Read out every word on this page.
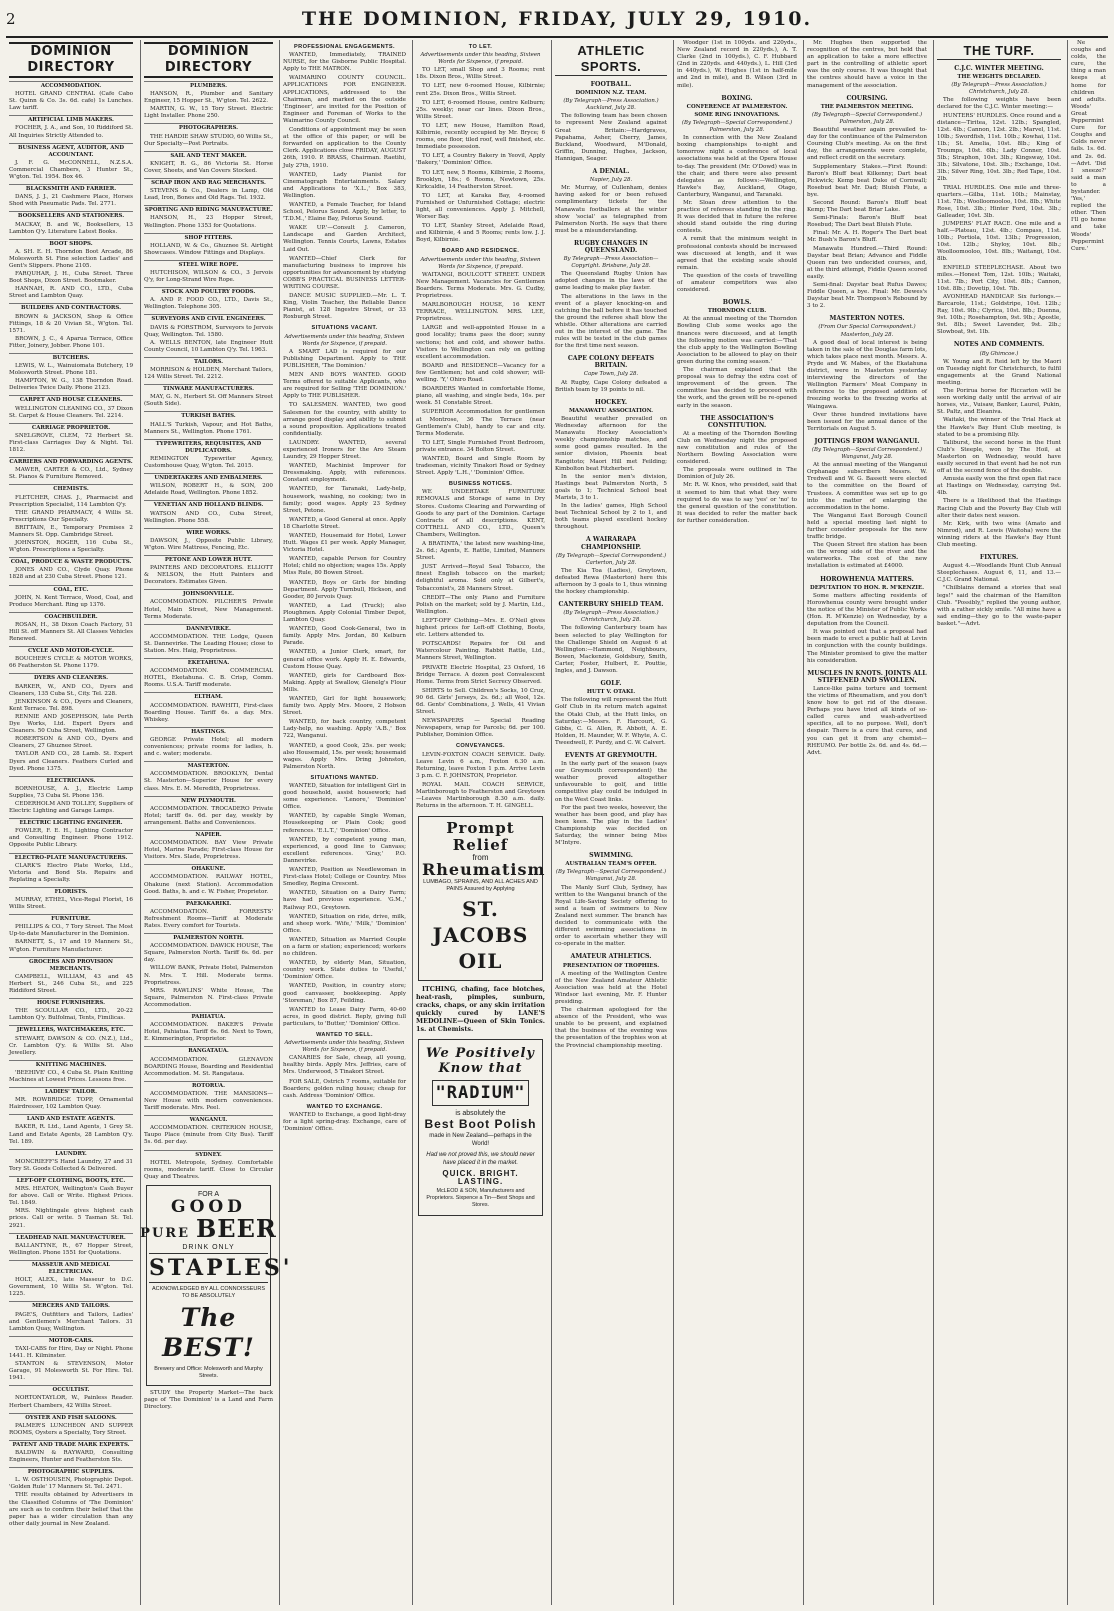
2	THE DOMINION, FRIDAY, JULY 29, 1910.
DOMINION DIRECTORY
ACCOMMODATION.
HOTEL GRAND CENTRAL (Cafe Cabo St. Quinn & Co. 3s. 6d. cafe) 1s Lunches. Law tariff.
ARTIFICIAL LIMB MAKERS.
FOCHER, J. A., and Son, 10 Riddiford St. All Inquiries Strictly Attended to.
BUSINESS AGENT, AUDITOR, AND ACCOUNTANT.
J. F. G. McCONNELL, N.Z.S.A. Commercial Chambers, 3 Hunter St., W'gton. Tel. 1954. Box 46.
BLACKSMITH AND FARRIER.
DANS, J. J., 21 Cashmere Place, Horses Shod with Pneumatic Pads. Tel. 2771.
BOOKSELLERS AND STATIONERS.
MACKAY, B. and W., Booksellers, 13 Lambton Q'y. Literature Latest Books.
BOOT SHOPS.
A. SH. E. H. Thorndon Boot Arcade, 86 Molesworth St. Fine selection Ladies' and Gent's Slippers. Phone 2105.
FARQUHAR, J. H., Cuba Street. Three Boot Shops, Dixon Street. Bootmaker.
HANNAH, R. AND CO., LTD., Cuba Street and Lambton Quay.
BUILDERS AND CONTRACTORS.
BROWN & JACKSON, Shop & Office Fittings, 18 & 20 Vivian St., W'gton. Tel. 1571.
BROWN, J. C., 4 Aparua Terrace, Office Fitter, Joinery, Jobber. Phone 101.
BUTCHERS.
LEWIS, W. L., Wainuiomata Butchery, 19 Molesworth Street. Phone 181.
HAMPTON, W. G., 138 Thorndon Road. Deliveries Twice Daily. Phone 2123.
CARPET AND HOUSE CLEANERS.
WELLINGTON CLEANING CO., 37 Dixon St. Carpet & House Cleaners. Tel. 2214.
CARRIAGE PROPRIETOR.
SNELGROVE, CLEM, 72 Herbert St. First-class Carriages Day & Night. Tel. 1812.
CARRIERS AND FORWARDING AGENTS.
MAWER, CARTER & CO., Ltd., Sydney St. Pianos & Furniture Removed.
CHEMISTS.
FLETCHER, CHAS. J., Pharmacist and Prescription Specialist, 114 Lambton Q'y.
THE GRAND PHARMACY, 4 Willis St. Prescriptions Our Specialty.
BRITTAIN, E., Temporary Premises 2 Manners St. Opp. Cambridge Street.
JOHNSTON, ROGER, 116 Cuba St., W'gton. Prescriptions a Specialty.
COAL, PRODUCE & WASTE PRODUCTS.
JONES AND CO., Clyde Quay. Phone 1828 and at 230 Cuba Street. Phone 121.
COAL, ETC.
JOHN, N. Kent Terrace, Wood, Coal, and Produce Merchant. Ring up 1376.
COACHBUILDER.
ROSAN, H., 38 Dixon Coach Factory, 51 Hill St. off Manners St. All Classes Vehicles Renewed.
CYCLE AND MOTOR-CYCLE.
BOUCHER'S CYCLE & MOTOR WORKS, 66 Featherston St. Phone 1179.
DYERS AND CLEANERS.
BARKER, W., AND CO., Dyers and Cleaners, 135 Cuba St., City. Tel. 228.
JENKINSON & CO., Dyers and Cleaners, Kent Terrace. Tel. 898.
RENNIE AND JOSEPHSON, late Perth Dye Works, Ltd. Expert Dyers and Cleaners. 50 Cuba Street, Wellington.
ROBERTSON & AND CO., Dyers and Cleaners, 27 Ghuznee Street.
TAYLOR AND CO., 28 Lamb. St. Expert Dyers and Cleaners. Feathers Curled and Dyed. Phone 1375.
ELECTRICIANS.
BORNHOUSE, A. J., Electric Lamp Supplies, 73 Cuba St. Phone 156.
CEDERHOLM AND TOLLEY, Suppliers of Electric Lighting and Garage Lamps.
ELECTRIC LIGHTING ENGINEER.
FOWLER, F. E. H., Lighting Contractor and Consulting Engineer. Phone 1912. Opposite Public Library.
ELECTRO-PLATE MANUFACTURERS.
CLARK'S Electro Plate Works, Ltd., Victoria and Bond Sts. Repairs and Replating a Specialty.
FLORISTS.
MURRAY, ETHEL, Vice-Regal Florist, 16 Willis Street.
FURNITURE.
PHILLIPS & CO., 7 Tory Street. The Most Up-to-date Manufacturer in the Dominion.
BARNETT, S., 17 and 19 Manners St., W'gton. Furniture Manufacturer.
GROCERS AND PROVISION MERCHANTS.
CAMPBELL, WILLIAM, 43 and 45 Herbert St., 246 Cuba St., and 225 Riddiford Street.
HOUSE FURNISHERS.
THE SCOULLAR CO., LTD., 20-22 Lambton Q'y. Bulfolmai, Tents, Fimilicas.
JEWELLERS, WATCHMAKERS, ETC.
STEWART, DAWSON & CO. (N.Z.), Ltd., Cr. Lambton Q'y. & Willis St. Also Jewellery.
KNITTING MACHINES.
'BEEHIVE' CO., 4 Cuba St. Plain Knitting Machines at Lowest Prices. Lessons free.
LADIES' TAILOR.
MR. ROWBRIDGE TOPP, Ornamental Hairdresser, 102 Lambton Quay.
LAND AND ESTATE AGENTS.
BAKER, R. Ltd., Land Agents, 1 Grey St. Land and Estate Agents, 28 Lambton Q'y. Tel. 189.
LAUNDRY.
MONCRIEFF'S Hand Laundry, 27 and 31 Tory St. Goods Collected & Delivered.
LEFT-OFF CLOTHING, BOOTS, ETC.
MRS. HEATON, Wellington's Cash Buyer for above. Call or Write. Highest Prices. Tel. 1849.
MRS. Nightingale gives highest cash prices. Call or write. 5 Tasman St. Tel. 2921.
LEADHEAD NAIL MANUFACTURER.
BALLANTYNE, R., 67 Hopper Street, Wellington. Phone 1551 for Quotations.
MASSEUR AND MEDICAL ELECTRICIAN.
HOLT, ALEX., late Masseur to D.C. Government, 10 Willis St. W'gton. Tel. 1225.
MERCERS AND TAILORS.
PAGE'S, Outfitters and Tailors, Ladies' and Gentlemen's Merchant Tailors. 31 Lambton Quay, Wellington.
MOTOR-CARS.
TAXI-CABS for Hire, Day or Night. Phone 1441. H. Kilminster.
STANTON & STEVENSON, Motor Garage, 91 Molesworth St. For Hire. Tel. 1941.
OCCULTIST.
NORTONTAYLOR, W., Painless Reader. Herbert Chambers, 42 Willis Street.
OYSTER AND FISH SALOONS.
PALMER'S LUNCHEON AND SUPPER ROOMS, Oysters a Specialty, Tory Street.
PATENT AND TRADE MARK EXPERTS.
BALDWIN & RAYWARD, Consulting Engineers, Hunter and Featherston Sts.
PHOTOGRAPHIC SUPPLIES.
L. W. OSTHOUSEN, Photographic Depot. 'Golden Rule' 17 Manners St. Tel. 2471.
THE results obtained by Advertisers in the Classified Columns of 'The Dominion' are such as to confirm their belief that the paper has a wider circulation than any other daily journal in New Zealand.
DOMINION DIRECTORY
PLUMBERS.
HANSON, R., Plumber and Sanitary Engineer, 15 Hopper St., W'gton. Tel. 2622.
MARTIN, G. W., 15 Tory Street. Electric Light Installer. Phone 250.
PHOTOGRAPHERS.
THE HARDIE SHAW STUDIO, 60 Willis St., Our Specialty—Post Portraits.
SAIL AND TENT MAKER.
KNIGHT, R. G., 86 Victoria St. Horse Cover, Sheets, and Van Covers Stocked.
SCRAP IRON AND RAG MERCHANTS.
STEVENS & Co., Dealers in Lamp, Old Lead, Iron, Bones and Old Rags. Tel. 1932.
SPORTING AND RIDING MANUFACTURE.
HANSON, H., 23 Hopper Street, Wellington. Phone 1353 for Quotations.
SHOP FITTERS.
HOLLAND, W. & Co., Ghuznee St. Airtight Showcases. Window Fittings and Displays.
STEEL WIRE ROPE.
HUTCHISON, WILSON & CO., 3 Jervois Q'y, for Long-Strand Wire Rope.
STOCK AND POULTRY FOODS.
A. AND P. FOOD CO., LTD., Davis St., Wellington. Telephone 305.
SURVEYORS AND CIVIL ENGINEERS.
DAVIS & FORSTROM, Surveyors to Jervois Quay, Wellington. Tel. 1580.
A. WELLS BENTON, late Engineer Hutt County Council, 10 Lambton Q'y. Tel. 1963.
TAILORS.
MORRISON & HOLDEN, Merchant Tailors, 124 Willis Street. Tel. 2212.
TINWARE MANUFACTURERS.
MAY, G. N., Herbert St. Off Manners Street (South Side).
TURKISH BATHS.
HALL'S Turkish, Vapour, and Hot Baths, Manners St., Wellington. Phone 1761.
TYPEWRITERS, REQUISITES, AND DUPLICATORS.
REMINGTON Typewriter Agency, Customhouse Quay, W'gton. Tel. 2015.
UNDERTAKERS AND EMBALMERS.
WILSON, ROBERT H., & SON, 200 Adelaide Road, Wellington. Phone 1852.
VENETIAN AND HOLLAND BLINDS.
WATSON AND CO., Cuba Street, Wellington. Phone 558.
WIRE WORKS.
DAWSON, J., Opposite Public Library, W'gton. Wire Mattress, Fencing, Etc.
PETONE AND LOWER HUTT.
PAINTERS AND DECORATORS. ELLIOTT & NELSON, the Hutt Painters and Decorators. Estimates Given.
JOHNSONVILLE.
ACCOMMODATION. PILCHER'S Private Hotel, Main Street, New Management. Terms Moderate.
DANNEVIRKE.
ACCOMMODATION. THE Lodge, Queen St. Dannevirke. The Leading House; close to Station. Mrs. Haig, Proprietress.
EKETAHUNA.
ACCOMMODATION. COMMERCIAL HOTEL, Eketahuna. C. B. Crisp, Comm. Rooms. U.S.A. Tariff moderate.
ELTHAM.
ACCOMMODATION. RAWHITI, First-class Boarding House. Tariff 6s. a day. Mrs. Whiskey.
HASTINGS.
GEORGE Private Hotel; all modern conveniences; private rooms for ladies, h. and c. water; moderate.
MASTERTON.
ACCOMMODATION. BROOKLYN, Dental St. Masterton—Superior House for every class. Mrs. E. M. Meredith, Proprietress.
NEW PLYMOUTH.
ACCOMMODATION. TROCADERO Private Hotel; tariff 6s. 6d. per day, weekly by arrangement. Baths and Conveniences.
NAPIER.
ACCOMMODATION. BAY View Private Hotel, Marine Parade; First-class House for Visitors. Mrs. Slade, Proprietress.
OHAKUNE.
ACCOMMODATION. RAILWAY HOTEL, Ohakune (next Station). Accommodation Good. Baths, h. and c. W. Fisher, Proprietor.
PAEKAKARIKI.
ACCOMMODATION. FORRESTS' Refreshment Rooms—Tariff at Moderate Rates. Every comfort for Tourists.
PALMERSTON NORTH.
ACCOMMODATION. DAWICK HOUSE, The Square, Palmerston North. Tariff 6s. 6d. per day.
WILLOW BANK, Private Hotel, Palmerston N. Mrs. T. Hill. Moderate terms. Proprietress.
MRS. RAWLINS' White House, The Square, Palmerston N. First-class Private Accommodation.
PAHIATUA.
ACCOMMODATION. BAKER'S Private Hotel, Pahiatua. Tariff 6s. 6d. Next to Town, E. Kimmerington, Proprietor.
RANGATAUA.
ACCOMMODATION. GLENAVON BOARDING House, Boarding and Residential Accommodation. M. St. Rangataua.
ROTORUA.
ACCOMMODATION. THE MANSIONS—New House with modern conveniences. Tariff moderate. Mrs. Peel.
WANGANUI.
ACCOMMODATION. CRITERION HOUSE, Taupo Place (minute from City Bus). Tariff 5s. 6d. per day.
SYDNEY.
HOTEL Metropole, Sydney. Comfortable rooms, moderate tariff. Close to Circular Quay and Theatres.
FOR A
GOOD
PURE BEER
DRINK ONLY
STAPLES'
ACKNOWLEDGED BY ALL CONNOISSEURS TO BE ABSOLUTELY
The BEST!
Brewery and Office: Molesworth and Murphy Streets.
STUDY the Property Market—The back page of 'The Dominion' is a Land and Farm Directory.
PROFESSIONAL ENGAGEMENTS.
WANTED, Immediately, TRAINED NURSE, for the Gisborne Public Hospital. Apply to THE MATRON.
WAIMARINO COUNTY COUNCIL. APPLICATIONS FOR ENGINEER. APPLICATIONS, addressed to the Chairman, and marked on the outside 'Engineer', are invited for the Position of Engineer and Foreman of Works to the Waimarino County Council.
Conditions of appointment may be seen at the office of this paper, or will be forwarded on application to the County Clerk. Applications close FRIDAY, AUGUST 26th, 1910. P. BRASS, Chairman. Raetihi, July 27th, 1910.
WANTED, Lady Pianist for Cinematograph Entertainments. Salary and Applications to 'X.L.,' Box 383, Wellington.
WANTED, a Female Teacher, for Island School, Pelorus Sound. Apply, by letter, to 'T.D.M.,' Elaine Bay, Pelorus Sound.
WAKE UP.'—Consult J. Cameron, Landscape and Garden Architect, Wellington. Tennis Courts, Lawns, Estates Laid Out.
WANTED—Chief Clerk for manufacturing business to improve his opportunities for advancement by studying COBB'S PRACTICAL BUSINESS LETTER-WRITING COURSE.
DANCE MUSIC SUPPLIED.—Mr. L. T. King, Violin Teacher, the Reliable Dance Pianist, at 128 Ingestre Street, or 33 Roxburgh Street.
SITUATIONS VACANT.
Advertisements under this heading, Sixteen Words for Sixpence, if prepaid.
A SMART LAD is required for our Publishing Department. Apply to THE PUBLISHER, 'The Dominion.'
MEN AND BOYS WANTED. GOOD Terms offered to suitable Applicants, who are required for Selling 'THE DOMINION.' Apply to THE PUBLISHER.
TO SALESMEN. WANTED, two good Salesmen for the country, with ability to arrange good display and ability to submit a sound proposition. Applications treated confidentially.
LAUNDRY. WANTED, several experienced Ironers for the Aro Steam Laundry, 29 Hopper Street.
WANTED, Machinist Improver for Dressmaking. Apply, with references. Constant employment.
WANTED, for Taranaki, Lady-help, housework, washing, no cooking; two in family; good wages. Apply 23 Sydney Street, Petone.
WANTED, a Good General at once. Apply 18 Charlotte Street.
WANTED, Housemaid for Hotel, Lower Hutt. Wages £1 per week. Apply Manager, Victoria Hotel.
WANTED, capable Person for Country Hotel; child no objection; wages 15s. Apply Miss Rule, 80 Bowen Street.
WANTED, Boys or Girls for binding Department. Apply Turnbull, Hickson, and Gooder, 80 Jervois Quay.
WANTED, a Lad (Truck); also Ploughmen. Apply Colonial Timber Depot, Lambton Quay.
WANTED, Good Cook-General, two in family. Apply Mrs. Jordan, 80 Kelburn Parade.
WANTED, a Junior Clerk, smart, for general office work. Apply H. E. Edwards, Custom House Quay.
WANTED, girls for Cardboard Box-Making. Apply at Swallow, Glenelg's Flour Mills.
WANTED, Girl for light housework; family two. Apply Mrs. Moore, 2 Hobson Street.
WANTED, for back country, competent Lady-help, no washing. Apply 'A.B.,' Box 722, Wanganui.
WANTED, a good Cook, 25s. per week; also Housemaid, 15s. per week; housemaid wages. Apply Mrs. Dring Johnston, Palmerston North.
SITUATIONS WANTED.
WANTED, Situation for intelligent Girl in good household, assist housework; had some experience. 'Lenore,' 'Dominion' Office.
WANTED, by capable Single Woman, Housekeeping or Plain Cook; good references. 'E.L.T.,' 'Dominion' Office.
WANTED, by competent young man, experienced, a good line to Canvass; excellent references. 'Gray,' P.O. Dannevirke.
WANTED, Position as Needlewoman in First-class Hotel; College or Country. Miss Smedley, Regina Crescent.
WANTED, Situation on a Dairy Farm; have had previous experience. 'G.M.,' Railway P.O., Greytown.
WANTED, Situation on ride, drive, milk, and sheep work. 'Wife,' 'Milk,' 'Dominion' Office.
WANTED, Situation as Married Couple on a farm or station; experienced; workers no children.
WANTED, by elderly Man, Situation, country work. State duties to 'Useful,' 'Dominion' Office.
WANTED, Position, in country store; good canvasser, bookkeeping. Apply 'Storeman,' Box 87, Feilding.
WANTED to Lease Dairy Farm, 40-60 acres, in good district. Reply, giving full particulars, to 'Butter,' 'Dominion' Office.
WANTED TO SELL.
Advertisements under this heading, Sixteen Words for Sixpence, if prepaid.
CANARIES for Sale, cheap, all young, healthy birds. Apply Mrs. Jeffries, care of Mrs. Underwood, 5 Tinakori Street.
FOR SALE, Ostrich 7 rooms, suitable for Boarders; golden ruling house; cheap for cash. Address 'Dominion' Office.
WANTED TO EXCHANGE.
WANTED to Exchange, a good light-dray for a light spring-dray. Exchange, care of 'Dominion' Office.
TO LET.
Advertisements under this heading, Sixteen Words for Sixpence, if prepaid.
TO LET, small Shop and 3 Rooms; rent 18s. Dixon Bros., Willis Street.
TO LET, new 6-roomed House, Kilbirnie; rent 25s. Dixon Bros., Willis Street.
TO LET, 6-roomed House, centre Kelburn; 25s. weekly; near car lines. Dixon Bros., Willis Street.
TO LET, new House, Hamilton Road, Kilbirnie, recently occupied by Mr. Bryce; 6 rooms, one floor, tiled roof, well finished, etc. Immediate possession.
TO LET, a Country Bakery in Yeovil, Apply 'Bakery,' 'Dominion' Office.
TO LET, new, 5 Rooms, Kilbirnie, 2 Rooms, Brooklyn, 18s.; 6 Rooms, Newtown, 25s. Kirkcaldie, 14 Featherston Street.
TO LET, at Karaka Bay, 4-roomed Furnished or Unfurnished Cottage; electric light, all conveniences. Apply J. Mitchell, Worser Bay.
TO LET, Stanley Street, Adelaide Road, and Kilbirnie, 4 and 5 Rooms; rents low. J. J. Boyd, Kilbirnie.
BOARD AND RESIDENCE.
Advertisements under this heading, Sixteen Words for Sixpence, if prepaid.
WAITANGI, BOULCOTT STREET. UNDER New Management. Vacancies for Gentlemen Boarders. Terms Moderate. Mrs. G. Cudby, Proprietress.
MARLBOROUGH HOUSE, 16 KENT TERRACE, WELLINGTON. MRS. LEE, Proprietress.
LARGE and well-appointed House in a good locality; trams pass the door; sunny sections; hot and cold, and shower baths. Visitors to Wellington can rely on getting excellent accommodation.
BOARD and RESIDENCE—Vacancy for a few Gentlemen; hot and cold shower; will-welling. 'Y,' Ohiro Road.
BOARDERS Wanted in comfortable Home, piano, all washing, and single beds, 16s. per week. 51 Constable Street.
SUPERIOR Accommodation for gentlemen at Montrose, 36 The Terrace (near Gentlemen's Club), handy to car and city. Terms Moderate.
TO LET, Single Furnished Front Bedroom, private entrance. 34 Bolton Street.
WANTED, Board and Single Room by tradesman, vicinity Tinakori Road or Sydney Street. Apply 'L.H.,' 'Dominion' Office.
BUSINESS NOTICES.
WE UNDERTAKE FURNITURE REMOVALS and Storage of same in Dry Stores. Customs Clearing and Forwarding of Goods to any part of the Dominion. Cartage Contracts of all descriptions. KENT, COTTRELL AND CO., LTD., Queen's Chambers, Wellington.
A BRATINTA,' the latest new washing-line, 2s. 6d.; Agents, E. Rattle, Limited, Manners Street.
JUST Arrived—Royal Seal Tobacco, the finest English tobacco on the market; delightful aroma. Sold only at Gilbert's, Tobacconist's, 28 Manners Street.
CREDIT—The only Piano and Furniture Polish on the market; sold by J. Martin, Ltd., Wellington.
LEFT-OFF Clothing—Mrs. E. O'Neil gives highest prices for Left-off Clothing, Boots, etc. Letters attended to.
POTSCARDS! Repairs for Oil and Watercolour Painting. Rabbit Rattle, Ltd., Manners Street, Wellington.
PRIVATE Electric Hospital, 23 Oxford, 16 Bridge Terrace. A dozen post Convalescent Home. Terms from Strict Secrecy Observed.
SHIRTS to Sell. Children's Socks, 10 Cruz, 90 6d. Girls' Jerseys, 2s. 6d.; all Wool, 12s. 6d. Gents' Combinations, J. Wells, 41 Vivian Street.
NEWSPAPERS — Special Reading Newspapers, wrap for Parcels; 6d. per 100. Publisher, Dominion Office.
CONVEYANCES.
LEVIN-FOXTON COACH SERVICE. Daily. Leave Levin 6 a.m., Foxton 6.30 a.m. Returning, leave Foxton 1 p.m. Arrive Levin 3 p.m. C. F. JOHNSTON, Proprietor.
ROYAL MAIL COACH SERVICE, Martinborough to Featherston and Greytown—Leaves Martinborough 8.30 a.m. daily. Returns in the afternoon. T. H. GINGELL.
Prompt Relief
from
Rheumatism
LUMBAGO, SPRAINS, AND ALL ACHES AND PAINS Assured by Applying
ST. JACOBS OIL
ITCHING, chafing, face blotches, heat-rash, pimples, sunburn, cracks, chaps, or any skin irritation quickly cured by LANE'S MEDOLINE—Queen of Skin Tonics. 1s. at Chemists.
We Positively Know that
"RADIUM"
is absolutely the
Best Boot Polish
made in New Zealand—perhaps in the World!
Had we not proved this, we should never have placed it in the market.
QUICK. BRIGHT. LASTING.
McLEOD & SON, Manufacturers and Proprietors. Sixpence a Tin—Best Shops and Stores.
ATHLETIC SPORTS.
FOOTBALL.
DOMINION N.Z. TEAM.
(By Telegraph—Press Association.) Auckland, July 28.
The following team has been chosen to represent New Zealand against Great Britain:—Hardgraves, Papahama, Asher, Cherry, James, Buckland, Woodward, M'Donald, Griffin, Dunning, Hughes, Jackson, Hannigan, Seager.
A DENIAL.
Napier, July 28.
Mr. Murray, of Cullenham, denies having asked for or been refused complimentary tickets for the Manawatu footballers at the winter show 'social' as telegraphed from Palmerston North. He says that there must be a misunderstanding.
RUGBY CHANGES IN QUEENSLAND.
By Telegraph—Press Association—Copyright. Brisbane, July 28.
The Queensland Rugby Union has adopted changes in the laws of the game leading to make play faster.
The alterations in the laws in the event of a player knocking-on and catching the ball before it has touched the ground the referee shall blow the whistle. Other alterations are carried out in the interest of the game. The rules will be tested in the club games for the first time next season.
CAPE COLONY DEFEATS BRITAIN.
Cape Town, July 28.
At Rugby, Cape Colony defeated a British team by 19 points to nil.
HOCKEY.
MANAWATU ASSOCIATION.
Beautiful weather prevailed on Wednesday afternoon for the Manawatu Hockey Association's weekly championship matches, and some good games resulted. In the senior division, Phoenix beat Rangitoto; Maori Hill met Feilding; Kimbolton beat Fitzherbert.
In the senior men's division, Hastings beat Palmerston North, 5 goals to 1; Technical School beat Marists, 3 to 1.
In the ladies' games, High School beat Technical School by 2 to 1, and both teams played excellent hockey throughout.
A WAIRARAPA CHAMPIONSHIP.
(By Telegraph—Special Correspondent.) Carterton, July 28.
The Kia Toa (Ladies), Greytown, defeated Rewa (Masterton) here this afternoon by 3 goals to 1, thus winning the hockey championship.
CANTERBURY SHIELD TEAM.
(By Telegraph—Press Association.) Christchurch, July 28.
The following Canterbury team has been selected to play Wellington for the Challenge Shield on August 6 at Wellington:—Hammond, Neighbours, Bowen, Mackenzie, Goldsbury, Smith, Carter, Foster, Hulbert, E. Pouttie, Ingles, and J. Dawson.
GOLF.
HUTT V. OTAKI.
The following will represent the Hutt Golf Club in its return match against the Otaki Club, at the Hutt links, on Saturday:—Messrs. F. Harcourt, G. Gibbs, C. G. Allen, R. Abbott, A. E. Holden, H. Maunder, W. F. Whyte, A. C. Tweedwell, F. Purdy, and C. W. Calvert.
EVENTS AT GREYMOUTH.
In the early part of the season (says our Greymouth correspondent) the weather proved altogether unfavourable to golf, and little competitive play could be indulged in on the West Coast links.
For the past two weeks, however, the weather has been good, and play has been keen. The play in the Ladies' Championship was decided on Saturday, the winner being Miss M'Intyre.
SWIMMING.
AUSTRALIAN TEAM'S OFFER.
(By Telegraph—Special Correspondent.) Wanganui, July 28.
The Manly Surf Club, Sydney, has written to the Wanganui branch of the Royal Life-Saving Society offering to send a team of swimmers to New Zealand next summer. The branch has decided to communicate with the different swimming associations in order to ascertain whether they will co-operate in the matter.
AMATEUR ATHLETICS.
PRESENTATION OF TROPHIES.
A meeting of the Wellington Centre of the New Zealand Amateur Athletic Association was held at the Hotel Windsor last evening, Mr. F. Hunter presiding.
The chairman apologised for the absence of the President, who was unable to be present, and explained that the business of the evening was the presentation of the trophies won at the Provincial championship meeting.
Woodger (1st in 100yds. and 220yds., New Zealand record in 220yds.), A. T. Clarke (2nd in 100yds.), C. F. Hubbard (2nd in 220yds. and 440yds.), L. Hill (3rd in 440yds.), W. Hughes (1st in half-mile and 2nd in mile), and B. Wilson (3rd in mile).
BOXING.
CONFERENCE AT PALMERSTON.
SOME RING INNOVATIONS.
(By Telegraph—Special Correspondent.) Palmerston, July 28.
In connection with the New Zealand boxing championships to-night and tomorrow night a conference of local associations was held at the Opera House to-day. The president (Mr. O'Dowd) was in the chair, and there were also present delegates as follows:—Wellington, Hawke's Bay, Auckland, Otago, Canterbury, Wanganui, and Taranaki.
Mr. Sloan drew attention to the practice of referees standing in the ring. It was decided that in future the referee should stand outside the ring during contests.
A remit that the minimum weight in professional contests should be increased was discussed at length, and it was agreed that the existing scale should remain.
The question of the costs of travelling of amateur competitors was also considered.
BOWLS.
THORNDON CLUB.
At the annual meeting of the Thorndon Bowling Club some weeks ago the finances were discussed, and at length the following motion was carried:—'That the club apply to the Wellington Bowling Association to be allowed to play on their green during the coming season.'
The chairman explained that the proposal was to defray the extra cost of improvement of the green. The committee has decided to proceed with the work, and the green will be re-opened early in the season.
THE ASSOCIATION'S CONSTITUTION.
At a meeting of the Thorndon Bowling Club on Wednesday night the proposed new constitution and rules of the Northern Bowling Association were considered.
The proposals were outlined in The Dominion of July 26.
Mr. R. W. Knox, who presided, said that it seemed to him that what they were required to do was to say 'yes' or 'no' to the general question of the constitution. It was decided to refer the matter back for further consideration.
Mr. Hughes then supported the recognition of the centres, but held that an application to take a more effective part in the controlling of athletic sport was the only course. It was thought that the centres should have a voice in the management of the association.
COURSING.
THE PALMERSTON MEETING.
(By Telegraph—Special Correspondent.) Palmerston, July 28.
Beautiful weather again prevailed to-day for the continuance of the Palmerston Coursing Club's meeting. As on the first day, the arrangements were complete, and reflect credit on the secretary.
Supplementary Stakes.—First Round: Baron's Bluff beat Kilkenny; Dart beat Pickwick; Kemp beat Duke of Cornwall; Rosebud beat Mr. Dad; Bluish Flute, a bye.
Second Round: Baron's Bluff beat Kemp; The Dart beat Briar Lake.
Semi-Finals: Baron's Bluff beat Rosebud; The Dart beat Bluish Flute.
Final: Mr. A. H. Roger's The Dart beat Mr. Bush's Baron's Bluff.
Manawatu Hundred.—Third Round: Daystar beat Brian; Advance and Fiddle Queen ran two undecided courses, and, at the third attempt, Fiddle Queen scored easily.
Semi-final: Daystar beat Rufus Dawes; Fiddle Queen, a bye. Final: Mr. Dewes's Daystar beat Mr. Thompson's Rebound by 3 to 2.
MASTERTON NOTES.
(From Our Special Correspondent.) Masterton, July 28.
A good deal of local interest is being taken in the sale of the Douglas farm lots, which takes place next month. Messrs. A. Pryde and W. Mabes, of the Ekatahuna district, were in Masterton yesterday interviewing the directors of the Wellington Farmers' Meat Company in reference to the proposed addition of freezing works to the freezing works at Waingawa.
Over three hundred invitations have been issued for the annual dance of the Territorials on August 5.
JOTTINGS FROM WANGANUI.
(By Telegraph—Special Correspondent.) Wanganui, July 28.
At the annual meeting of the Wanganui Orphanage subscribers Messrs. W. Tredwell and W. G. Bassett were elected to the committee on the Board of Trustees. A committee was set up to go into the matter of enlarging the accommodation in the home.
The Wanganui East Borough Council held a special meeting last night to further consider proposals for the new traffic bridge.
The Queen Street fire station has been on the wrong side of the river and the waterworks. The cost of the new installation is estimated at £4000.
HOROWHENUA MATTERS.
DEPUTATION TO HON. R. M'KENZIE.
Some matters affecting residents of Horowhenua county were brought under the notice of the Minister of Public Works (Hon. R. M'Kenzie) on Wednesday, by a deputation from the Council.
It was pointed out that a proposal had been made to erect a public hall at Levin in conjunction with the county buildings. The Minister promised to give the matter his consideration.
MUSCLES IN KNOTS. JOINTS ALL STIFFENED AND SWOLLEN.
Lance-like pains torture and torment the victims of Rheumatism, and you don't know how to get rid of the disease. Perhaps you have tried all kinds of so-called cures and wash-advertised specifics, all to no purpose. Well, don't despair. There is a cure that cures, and you can get it from any chemist—RHEUMO. Per bottle 2s. 6d. and 4s. 6d.—Advt.
THE TURF.
C.J.C. WINTER MEETING.
THE WEIGHTS DECLARED.
(By Telegraph—Press Association.) Christchurch, July 28.
The following weights have been declared for the C.J.C. Winter meeting:—
HUNTERS' HURDLES. Once round and a distance—Tiritea, 12st. 12lb.; Spangled, 12st. 4lb.; Cannon, 12st. 2lb.; Marvel, 11st. 10lb.; Swordfish, 11st. 10lb.; Kowhai, 11st. 1lb.; St. Amelia, 10st. 8lb.; King of Troumps, 10st. 6lb.; Lady Conner, 10st. 5lb.; Straphon, 10st. 3lb.; Kingsway, 10st. 3lb.; Silvatone, 10st. 3lb.; Exchange, 10st. 3lb.; Silver Ring, 10st. 3lb.; Red Tape, 10st. 2lb.
TRIAL HURDLES. One mile and three-quarters.—Gilba, 11st. 10lb.; Mainstay, 11st. 7lb.; Woolloomooloo, 10st. 8lb.; White Rose, 10st. 3lb.; Hinter Ford, 10st. 3lb.; Galleader, 10st. 3lb.
JUMPERS' FLAT RACE. One mile and a half.—Plateau, 12st. 4lb.; Compass, 11st. 10lb.; Portiola, 10st. 13lb.; Progression, 10st. 12lb.; Shyloy, 10st. 8lb.; Woolloomooloo, 10st. 8lb.; Waitangi, 10st. 8lb.
ENFIELD STEEPLECHASE. About two miles.—Honest Tom, 12st. 10lb.; Waitaki, 11st. 7lb.; Port City, 10st. 8lb.; Cannon, 10st. 8lb.; Dovetip, 10st. 7lb.
AVONHEAD HANDICAP. Six furlongs.—Barcarole, 11st.; Goldstripe, 10st. 12lb.; Ray, 10st. 9lb.; Clyrica, 10st. 8lb.; Duenna, 9st. 10lb.; Rosehampton, 9st. 9lb.; Apostle, 9st. 8lb.; Sweet Lavender, 9st. 2lb.; Slowboat, 9st. 1lb.
NOTES AND COMMENTS.
(By Ghimcoe.)
W. Young and R. Reid left by the Maori on Tuesday night for Christchurch, to fulfil engagements at the Grand National meeting.
The Porirua horse for Riccarton will be seen working daily until the arrival of air horses, viz., Vuisaw, Banker, Laurel, Pukin, St. Paltz, and Eleaniva.
Waitaki, the winner of the Trial Hack at the Hawke's Bay Hunt Club meeting, is stated to be a promising filly.
Taliburst, the second horse in the Hunt Club's Steeple, won by The Hoil, at Masterton on Wednesday, would have easily secured in that event had he not run off at the second fence of the double.
Amusia easily won the first open flat race at Hastings on Wednesday, carrying 9st. 4lb.
There is a likelihood that the Hastings Racing Club and the Poverty Bay Club will alter their dates next season.
Mr. Kirk, with two wins (Amato and Nimrod), and R. Lewis (Waitoha) were the winning riders at the Hawke's Bay Hunt Club meeting.
FIXTURES.
August 4.—Woodlands Hunt Club Annual Steeplechases. August 6, 11, and 13.—C.J.C. Grand National.
"Chilblains demand a stories that seal legs!" said the chairman of the Hamilton Club. "Possibly," replied the young author, with a rather sickly smile. "All mine have a sad ending—they go to the waste-paper basket."—Advt.
Ne coughs and colds, the cure, the thing a man keeps at home for children and adults. Woods' Great Peppermint Cure for Coughs and Colds never fails. 1s. 6d. and 2s. 6d.—Advt. 'Did I sneeze?' said a man to a bystander. 'Yes,' replied the other. 'Then I'll go home and take Woods' Peppermint Cure.'
